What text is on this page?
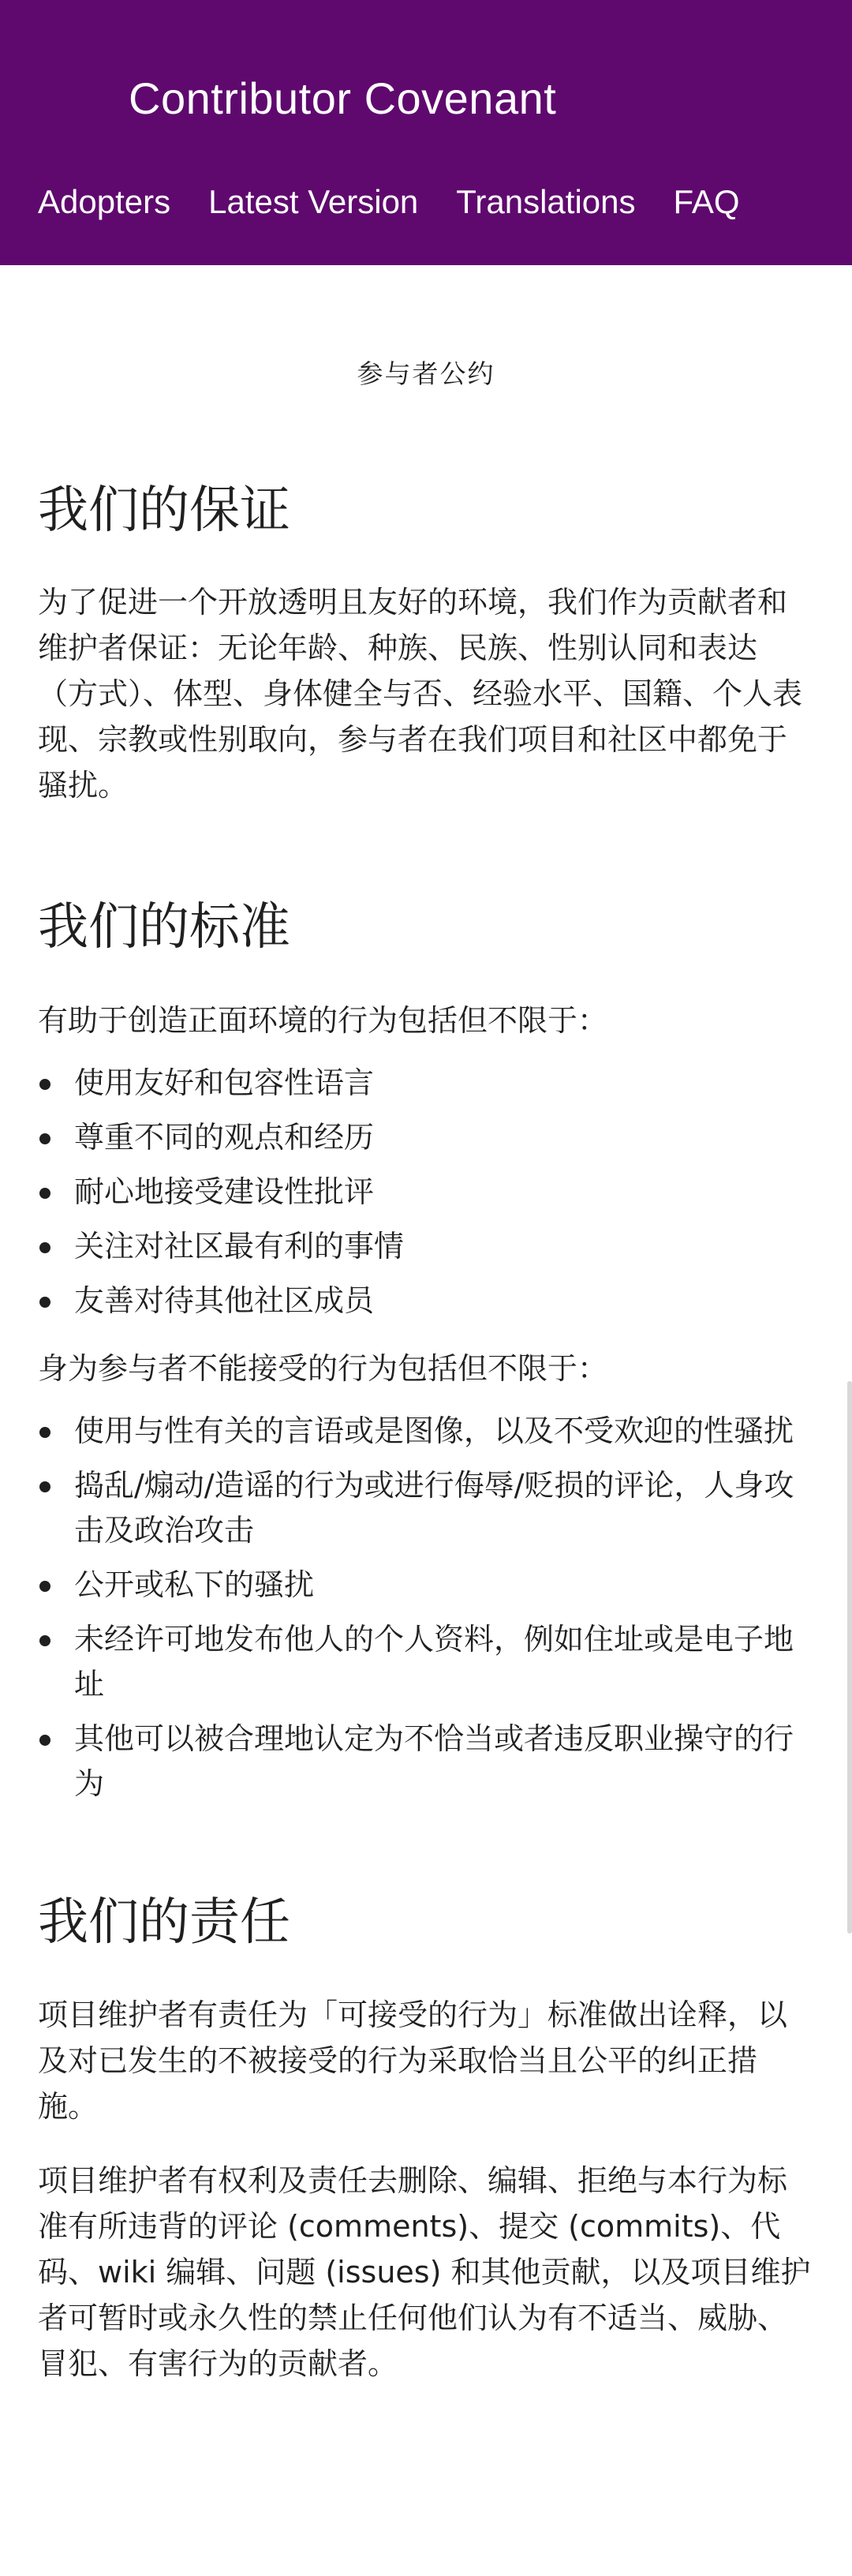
Contributor Covenant
Adopters Latest Version Translations FAQ
参与者公约
我们的保证

为了促进一个开放透明且友好的环境，我们作为贡献者和维护者保证：无论年龄、种族、民族、性别认同和表达（方式）、体型、身体健全与否、经验水平、国籍、个人表现、宗教或性别取向，参与者在我们项目和社区中都免于骚扰。

我们的标准

有助于创造正面环境的行为包括但不限于：

使用友好和包容性语言
尊重不同的观点和经历
耐心地接受建设性批评
关注对社区最有利的事情
友善对待其他社区成员

身为参与者不能接受的行为包括但不限于：

使用与性有关的言语或是图像，以及不受欢迎的性骚扰
捣乱/煽动/造谣的行为或进行侮辱/贬损的评论，人身攻击及政治攻击
公开或私下的骚扰
未经许可地发布他人的个人资料，例如住址或是电子地址
其他可以被合理地认定为不恰当或者违反职业操守的行为
我们的责任

项目维护者有责任为「可接受的行为」标准做出诠释，以及对已发生的不被接受的行为采取恰当且公平的纠正措施。

项目维护者有权利及责任去删除、编辑、拒绝与本行为标准有所违背的评论 (comments)、提交 (commits)、代码、wiki 编辑、问题 (issues) 和其他贡献，以及项目维护者可暂时或永久性的禁止任何他们认为有不适当、威胁、冒犯、有害行为的贡献者。
